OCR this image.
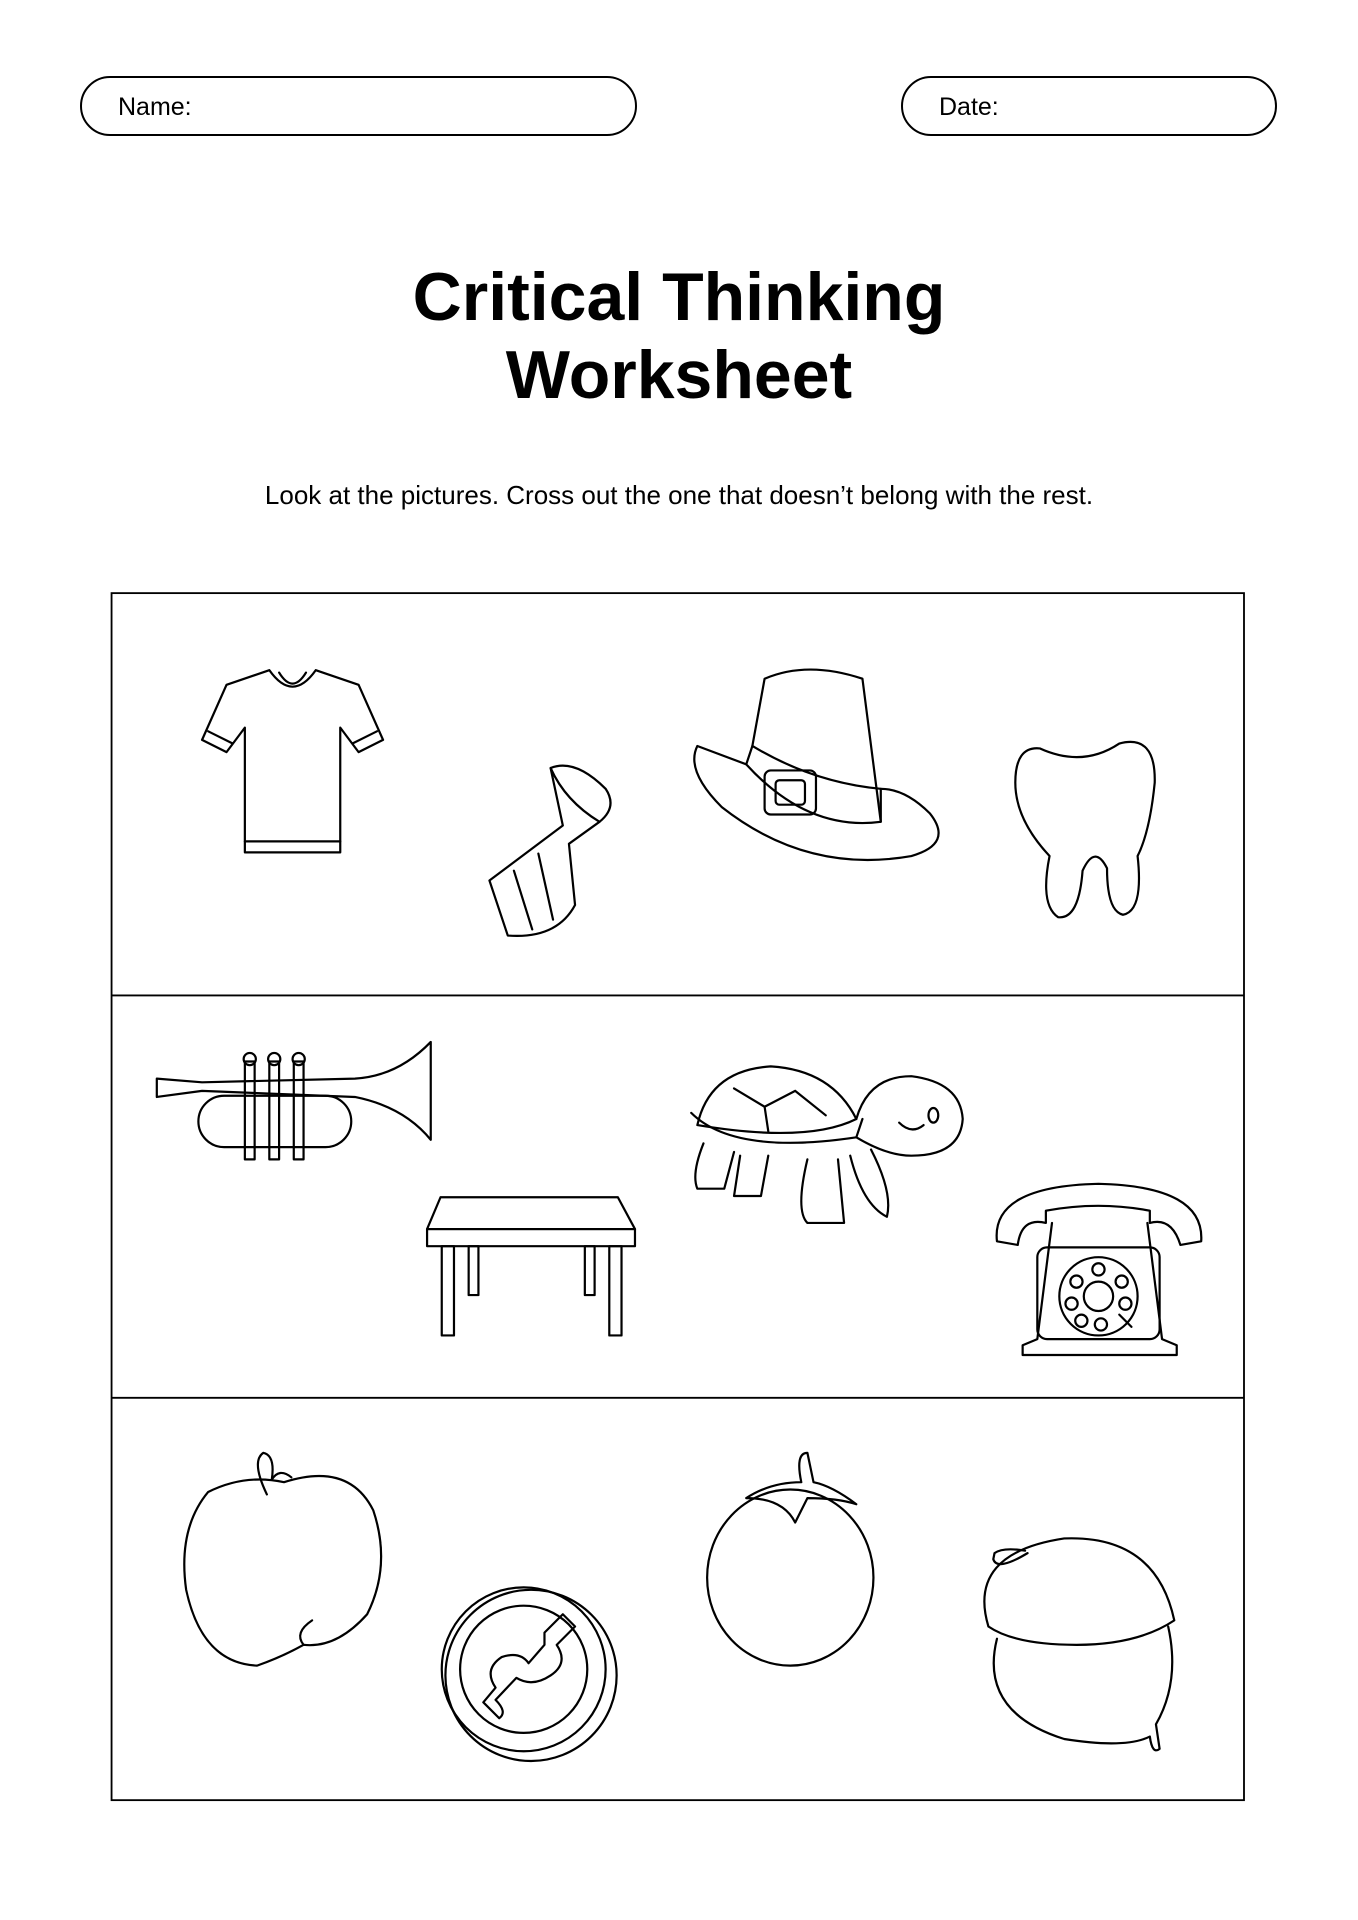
Name:	Date:
Critical Thinking
Worksheet
Look at the pictures. Cross out the one that doesn’t belong with the rest.
